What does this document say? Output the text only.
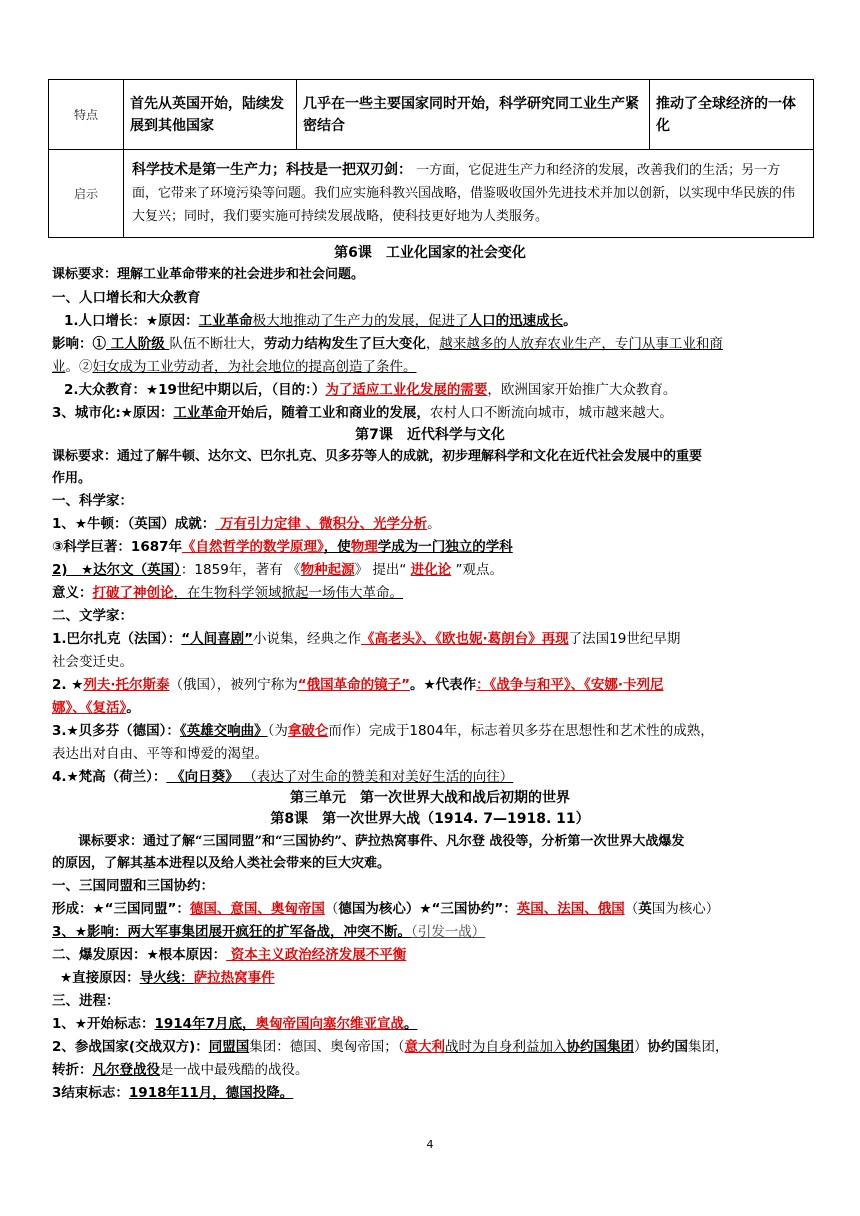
特点	首先从英国开始，陆续发展到其他国家	几乎在一些主要国家同时开始，科学研究同工业生产紧密结合	推动了全球经济的一体化
启示	科学技术是第一生产力；科技是一把双刃剑： 一方面，它促进生产力和经济的发展，改善我们的生活；另一方面，它带来了环境污染等问题。我们应实施科教兴国战略，借鉴吸收国外先进技术并加以创新，以实现中华民族的伟大复兴；同时，我们要实施可持续发展战略，使科技更好地为人类服务。		
第6课　工业化国家的社会变化
课标要求：理解工业革命带来的社会进步和社会问题。
一、人口增长和大众教育
1.人口增长：★原因：工业革命极大地推动了生产力的发展，促进了人口的迅速成长。
影响：① 工人阶级 队伍不断壮大，劳动力结构发生了巨大变化，越来越多的人放弃农业生产，专门从事工业和商
业。②妇女成为工业劳动者，为社会地位的提高创造了条件。
2.大众教育：★19世纪中期以后，（目的：）为了适应工业化发展的需要，欧洲国家开始推广大众教育。
3、城市化:★原因：工业革命开始后，随着工业和商业的发展，农村人口不断流向城市，城市越来越大。
第7课　近代科学与文化
课标要求：通过了解牛顿、达尔文、巴尔扎克、贝多芬等人的成就，初步理解科学和文化在近代社会发展中的重要
作用。
一、科学家：
1、★牛顿：（英国）成就： 万有引力定律 、微积分、光学分析。
③科学巨著：1687年《自然哲学的数学原理》，使物理学成为一门独立的学科
2)　★达尔文（英国）：1859年，著有 《物种起源》 提出“ 进化论 ”观点。
意义：打破了神创论，在生物科学领域掀起一场伟大革命。
二、文学家：
1.巴尔扎克（法国）：“人间喜剧”小说集，经典之作《高老头》、《欧也妮·葛朗台》再现了法国19世纪早期
社会变迁史。
2. ★列夫·托尔斯泰（俄国），被列宁称为“俄国革命的镜子”。★代表作：《战争与和平》、《安娜·卡列尼
娜》、《复活》。
3.★贝多芬（德国）：《英雄交响曲》（为拿破仑而作）完成于1804年，标志着贝多芬在思想性和艺术性的成熟，
表达出对自由、平等和博爱的渴望。
4.★梵高（荷兰）： 《向日葵》 （表达了对生命的赞美和对美好生活的向往）
第三单元　第一次世界大战和战后初期的世界
第8课　第一次世界大战（1914. 7—1918. 11）
课标要求：通过了解“三国同盟”和“三国协约”、萨拉热窝事件、凡尔登 战役等，分析第一次世界大战爆发
的原因，了解其基本进程以及给人类社会带来的巨大灾难。
一、三国同盟和三国协约：
形成：★“三国同盟”：德国、意国、奥匈帝国（德国为核心）★“三国协约”：英国、法国、俄国（英国为核心）
3、★影响：两大军事集团展开疯狂的扩军备战，冲突不断。（引发一战）
二、爆发原因：★根本原因： 资本主义政治经济发展不平衡
★直接原因：导火线：萨拉热窝事件
三、进程：
1、★开始标志：1914年7月底，奥匈帝国向塞尔维亚宣战。
2、参战国家(交战双方)：同盟国集团：德国、奥匈帝国；（意大利战时为自身利益加入协约国集团）协约国集团，
转折：凡尔登战役是一战中最残酷的战役。
3结束标志：1918年11月，德国投降。
4
